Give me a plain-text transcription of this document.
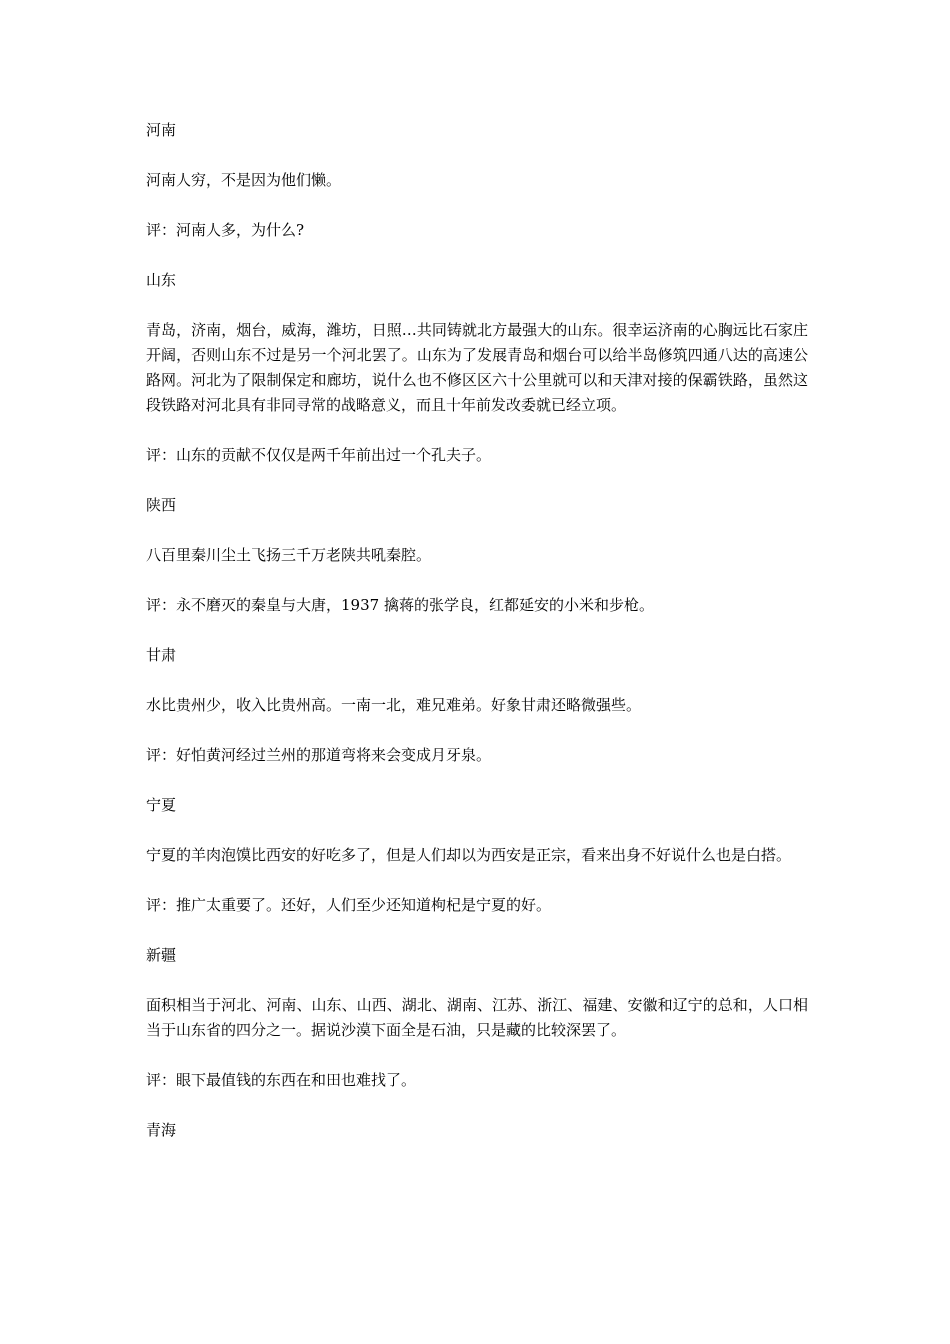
河南

河南人穷，不是因为他们懒。

评：河南人多，为什么?

山东

青岛，济南，烟台，威海，潍坊，日照…共同铸就北方最强大的山东。很幸运济南的心胸远比石家庄开阔，否则山东不过是另一个河北罢了。山东为了发展青岛和烟台可以给半岛修筑四通八达的高速公路网。河北为了限制保定和廊坊，说什么也不修区区六十公里就可以和天津对接的保霸铁路，虽然这段铁路对河北具有非同寻常的战略意义，而且十年前发改委就已经立项。

评：山东的贡献不仅仅是两千年前出过一个孔夫子。

陕西

八百里秦川尘土飞扬三千万老陕共吼秦腔。

评：永不磨灭的秦皇与大唐，1937 擒蒋的张学良，红都延安的小米和步枪。

甘肃

水比贵州少，收入比贵州高。一南一北，难兄难弟。好象甘肃还略微强些。

评：好怕黄河经过兰州的那道弯将来会变成月牙泉。

宁夏

宁夏的羊肉泡馍比西安的好吃多了，但是人们却以为西安是正宗，看来出身不好说什么也是白搭。

评：推广太重要了。还好，人们至少还知道枸杞是宁夏的好。

新疆

面积相当于河北、河南、山东、山西、湖北、湖南、江苏、浙江、福建、安徽和辽宁的总和，人口相当于山东省的四分之一。据说沙漠下面全是石油，只是藏的比较深罢了。

评：眼下最值钱的东西在和田也难找了。

青海
